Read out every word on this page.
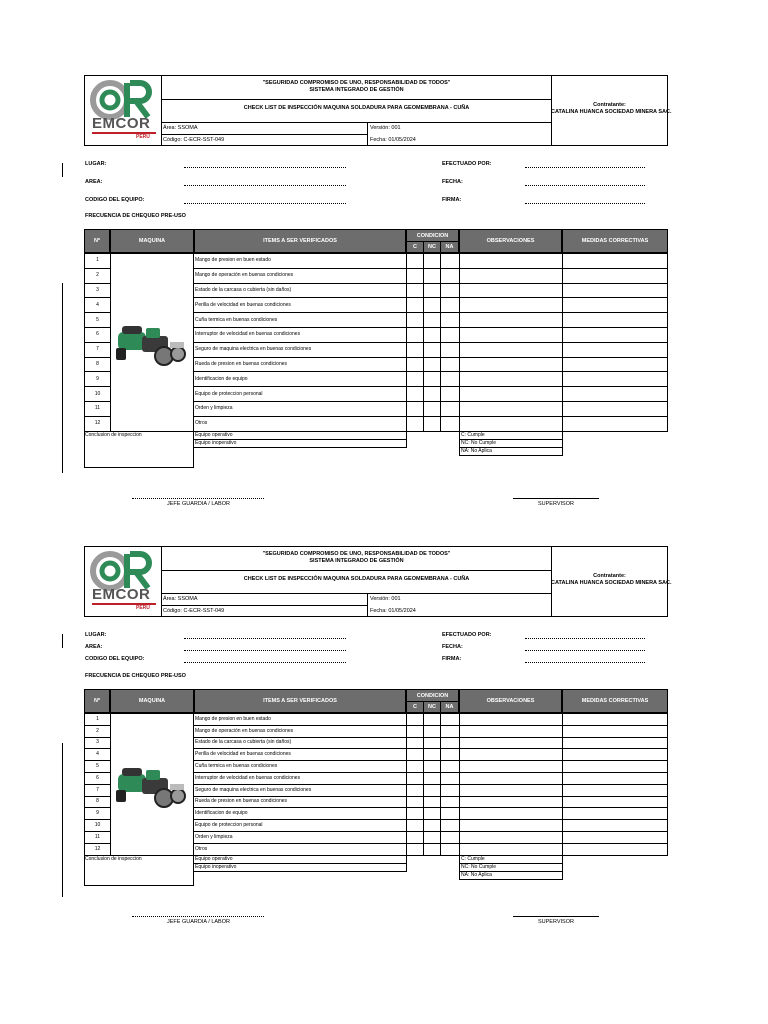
EMCOR
PERU
"SEGURIDAD COMPROMISO DE UNO, RESPONSABILIDAD DE TODOS"
SISTEMA INTEGRADO DE GESTIÓN
CHECK LIST DE INSPECCIÓN MAQUINA SOLDADURA PARA GEOMEMBRANA - CUÑA	Contratante:
CATALINA HUANCA SOCIEDAD MINERA SAC.
Área: SSOMA	Versión: 001
Código: C-ECR-SST-049	Fecha: 01/05/2024
LUGAR:	EFECTUADO POR:
AREA:	FECHA:
CODIGO DEL EQUIPO:	FIRMA:
FRECUENCIA DE CHEQUEO PRE-USO
Nº	MAQUINA	ITEMS A SER VERIFICADOS
CONDICION
C	NC	NA
OBSERVACIONES	MEDIDAS CORRECTIVAS
1	Mango de presion en buen estado
2	Mango de operación en buenas condiciones
3	Estado de la carcasa o cubierta (sin daños)
4	Perilla de velocidad en buenas condiciones
5	Cuña termica en buenas condiciones
6	Interruptor de velocidad en buenas condiciones
7	Seguro de maquina electrica en buenas condiciones
8	Rueda de presion en buenas condiciones
9	Identificacion de equipo
10	Equipo de proteccion personal
11	Orden y limpieza
12	Otros
Conclusion de inspeccion	Equipo operativo
Equipo inoperativo
C: Cumple
NC: No Cumple
NA: No Aplica
JEFE GUARDIA / LABOR	SUPERVISOR
EMCOR
PERU
"SEGURIDAD COMPROMISO DE UNO, RESPONSABILIDAD DE TODOS"
SISTEMA INTEGRADO DE GESTIÓN
CHECK LIST DE INSPECCIÓN MAQUINA SOLDADURA PARA GEOMEMBRANA - CUÑA	Contratante:
CATALINA HUANCA SOCIEDAD MINERA SAC.
Área: SSOMA	Versión: 001
Código: C-ECR-SST-049	Fecha: 01/05/2024
LUGAR:	EFECTUADO POR:
AREA:	FECHA:
CODIGO DEL EQUIPO:	FIRMA:
FRECUENCIA DE CHEQUEO PRE-USO
Nº	MAQUINA	ITEMS A SER VERIFICADOS
CONDICION
C	NC	NA
OBSERVACIONES	MEDIDAS CORRECTIVAS
1	Mango de presion en buen estado
2	Mango de operación en buenas condiciones
3	Estado de la carcasa o cubierta (sin daños)
4	Perilla de velocidad en buenas condiciones
5	Cuña termica en buenas condiciones
6	Interruptor de velocidad en buenas condiciones
7	Seguro de maquina electrica en buenas condiciones
8	Rueda de presion en buenas condiciones
9	Identificacion de equipo
10	Equipo de proteccion personal
11	Orden y limpieza
12	Otros
Conclusion de inspeccion	Equipo operativo
Equipo inoperativo
C: Cumple
NC: No Cumple
NA: No Aplica
JEFE GUARDIA / LABOR	SUPERVISOR
